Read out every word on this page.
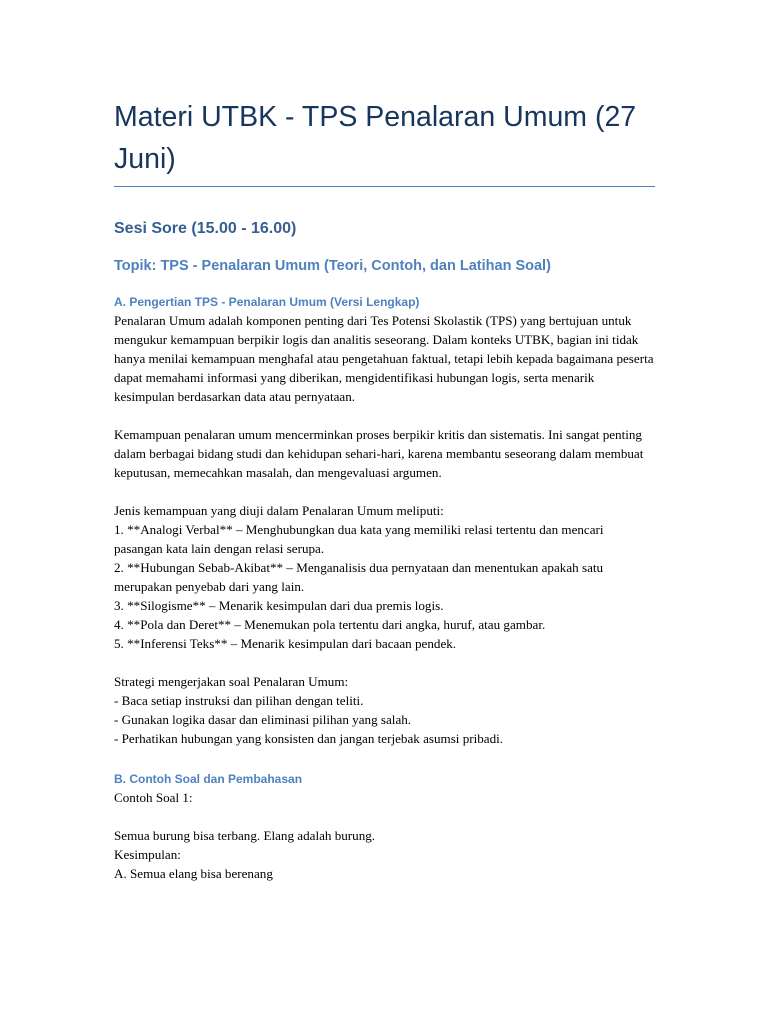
Materi UTBK - TPS Penalaran Umum (27 Juni)
Sesi Sore (15.00 - 16.00)
Topik: TPS - Penalaran Umum (Teori, Contoh, dan Latihan Soal)
A. Pengertian TPS - Penalaran Umum (Versi Lengkap)

Penalaran Umum adalah komponen penting dari Tes Potensi Skolastik (TPS) yang bertujuan untuk mengukur kemampuan berpikir logis dan analitis seseorang. Dalam konteks UTBK, bagian ini tidak hanya menilai kemampuan menghafal atau pengetahuan faktual, tetapi lebih kepada bagaimana peserta dapat memahami informasi yang diberikan, mengidentifikasi hubungan logis, serta menarik kesimpulan berdasarkan data atau pernyataan.

Kemampuan penalaran umum mencerminkan proses berpikir kritis dan sistematis. Ini sangat penting dalam berbagai bidang studi dan kehidupan sehari-hari, karena membantu seseorang dalam membuat keputusan, memecahkan masalah, dan mengevaluasi argumen.

Jenis kemampuan yang diuji dalam Penalaran Umum meliputi:

1. **Analogi Verbal** – Menghubungkan dua kata yang memiliki relasi tertentu dan mencari pasangan kata lain dengan relasi serupa.

2. **Hubungan Sebab-Akibat** – Menganalisis dua pernyataan dan menentukan apakah satu merupakan penyebab dari yang lain.

3. **Silogisme** – Menarik kesimpulan dari dua premis logis.

4. **Pola dan Deret** – Menemukan pola tertentu dari angka, huruf, atau gambar.

5. **Inferensi Teks** – Menarik kesimpulan dari bacaan pendek.

Strategi mengerjakan soal Penalaran Umum:

- Baca setiap instruksi dan pilihan dengan teliti.

- Gunakan logika dasar dan eliminasi pilihan yang salah.

- Perhatikan hubungan yang konsisten dan jangan terjebak asumsi pribadi.

B. Contoh Soal dan Pembahasan

Contoh Soal 1:

Semua burung bisa terbang. Elang adalah burung.

Kesimpulan:

A. Semua elang bisa berenang
